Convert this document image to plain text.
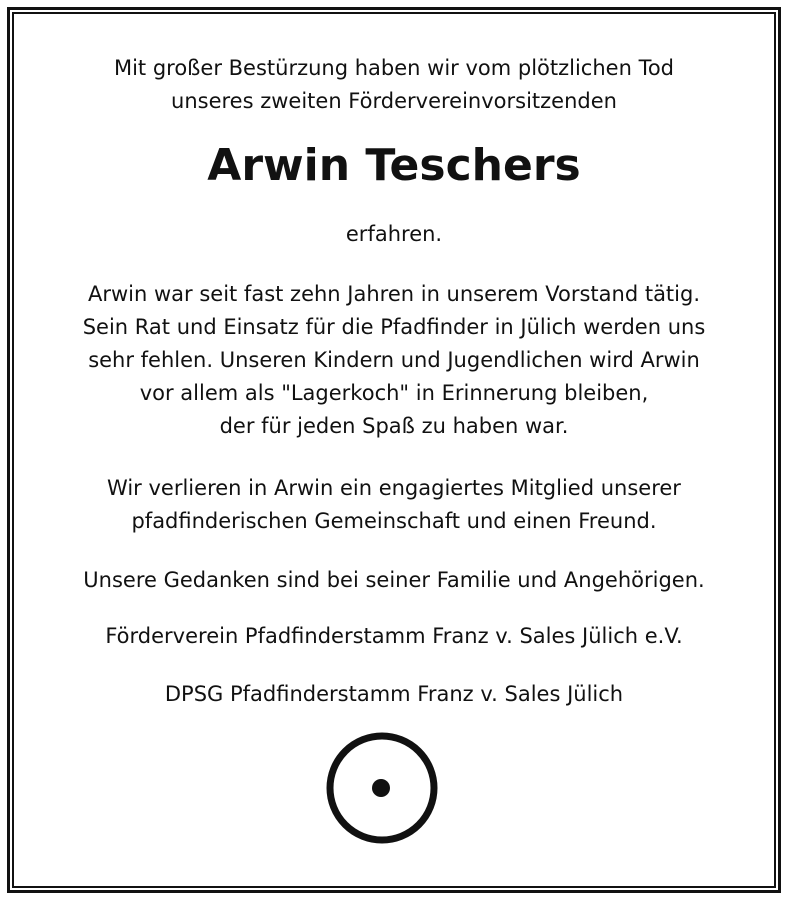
Mit großer Bestürzung haben wir vom plötzlichen Tod
unseres zweiten Fördervereinvorsitzenden
Arwin Teschers
erfahren.
Arwin war seit fast zehn Jahren in unserem Vorstand tätig.
Sein Rat und Einsatz für die Pfadfinder in Jülich werden uns
sehr fehlen. Unseren Kindern und Jugendlichen wird Arwin
vor allem als "Lagerkoch" in Erinnerung bleiben,
der für jeden Spaß zu haben war.
Wir verlieren in Arwin ein engagiertes Mitglied unserer
pfadfinderischen Gemeinschaft und einen Freund.
Unsere Gedanken sind bei seiner Familie und Angehörigen.
Förderverein Pfadfinderstamm Franz v. Sales Jülich e.V.
DPSG Pfadfinderstamm Franz v. Sales Jülich
